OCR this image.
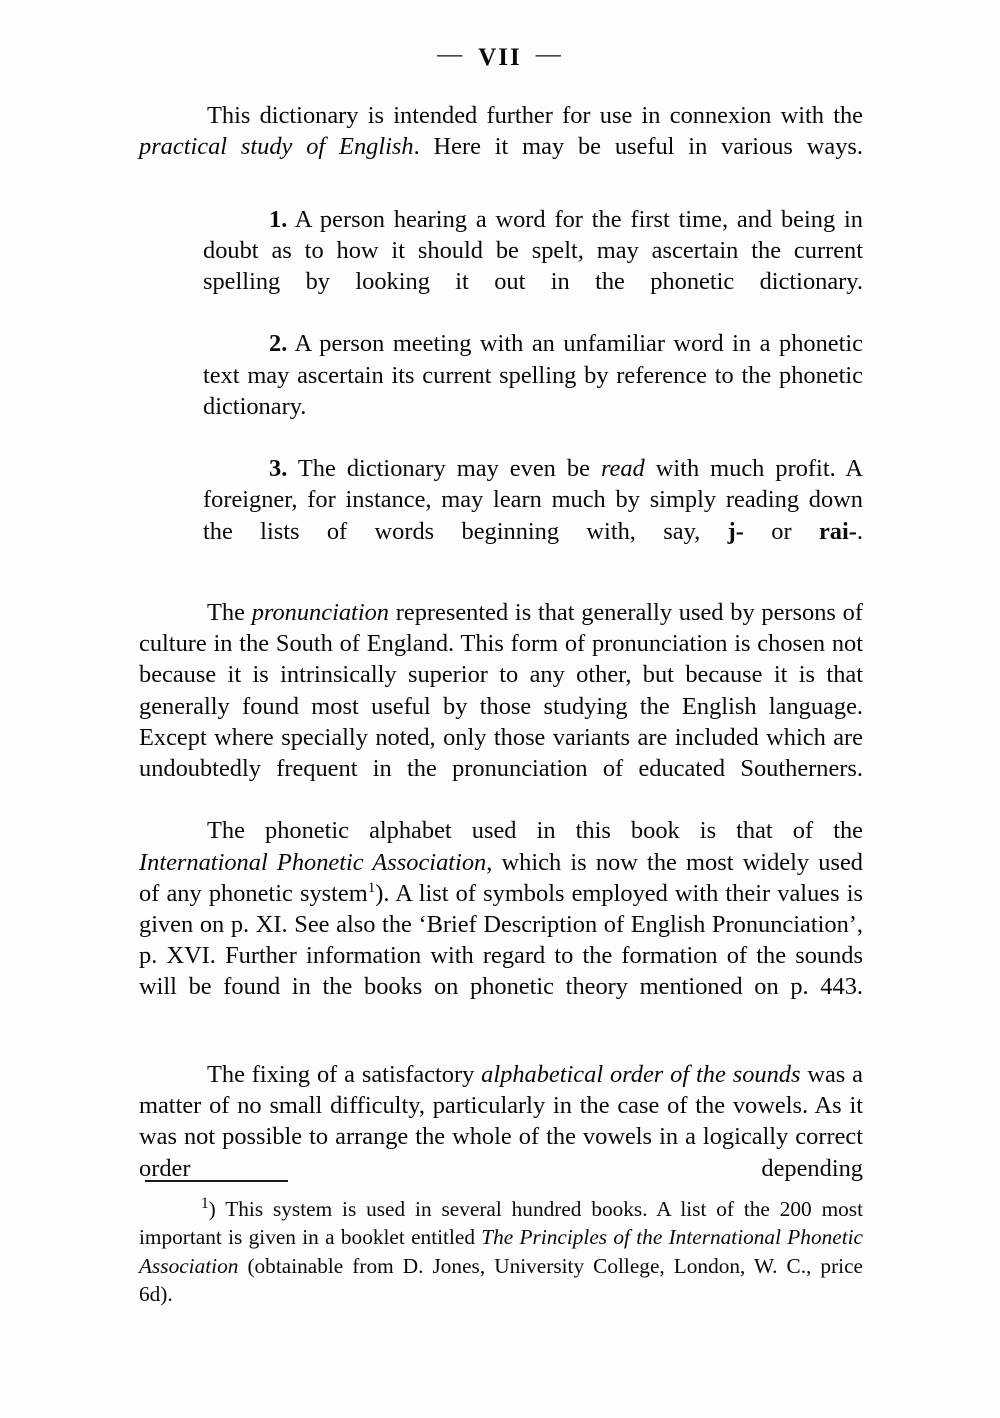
— VII —

This dictionary is intended further for use in connexion with the practical study of English. Here it may be useful in various ways.

1. A person hearing a word for the first time, and being in doubt as to how it should be spelt, may ascertain the current spelling by looking it out in the phonetic dictionary.

2. A person meeting with an unfamiliar word in a phonetic text may ascertain its current spelling by reference to the phonetic dictionary.

3. The dictionary may even be read with much profit. A foreigner, for instance, may learn much by simply reading down the lists of words beginning with, say, j- or rai-.

The pronunciation represented is that generally used by persons of culture in the South of England. This form of pronunciation is chosen not because it is intrinsically superior to any other, but because it is that generally found most useful by those studying the English language. Except where specially noted, only those variants are included which are undoubtedly frequent in the pronunciation of educated Southerners.

The phonetic alphabet used in this book is that of the International Phonetic Association, which is now the most widely used of any phonetic system$^1$). A list of symbols employed with their values is given on p. XI. See also the ‘Brief Description of English Pronunciation’, p. XVI. Further information with regard to the formation of the sounds will be found in the books on phonetic theory mentioned on p. 443.

The fixing of a satisfactory alphabetical order of the sounds was a matter of no small difficulty, particularly in the case of the vowels. As it was not possible to arrange the whole of the vowels in a logically correct order depending

$^1$) This system is used in several hundred books. A list of the 200 most important is given in a booklet entitled The Principles of the International Phonetic Association (obtainable from D. Jones, University College, London, W. C., price 6d).
